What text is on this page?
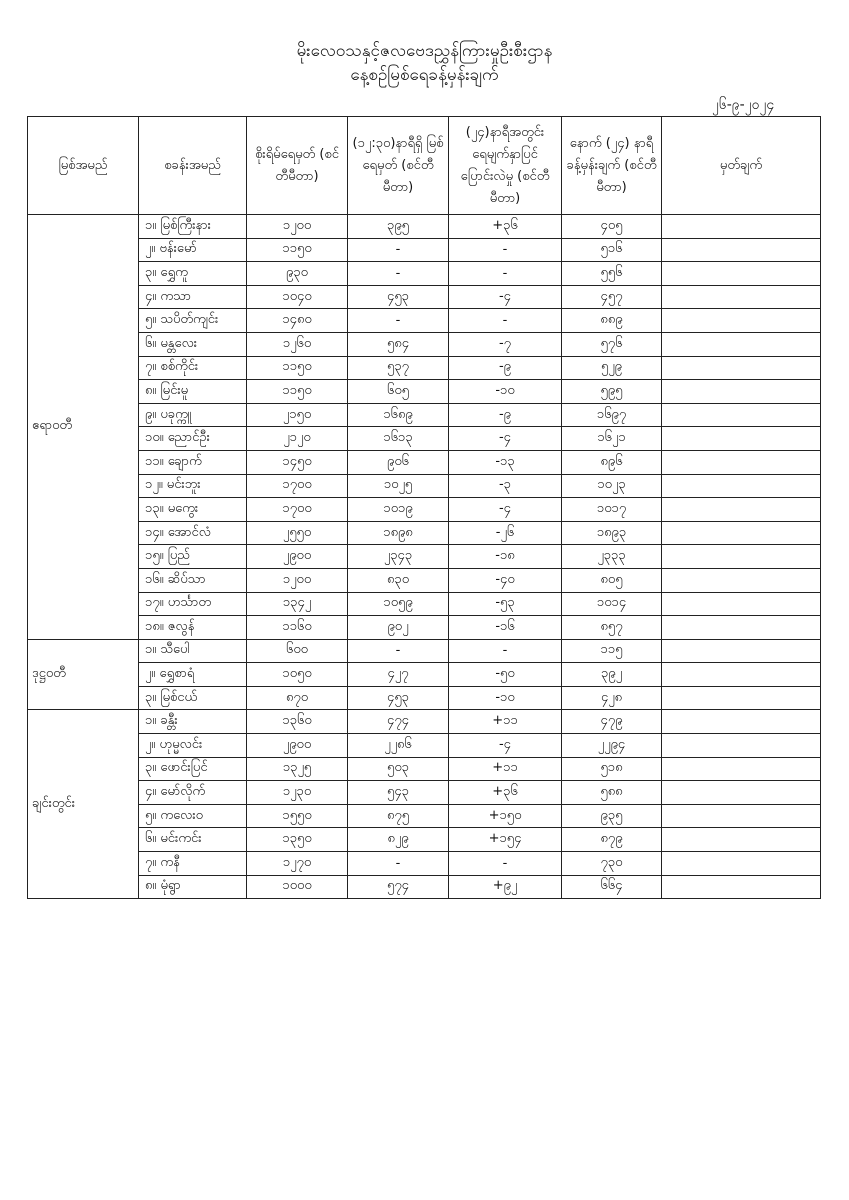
မိုးလေဝသနှင့်ဇလဗေဒညွှန်ကြားမှုဦးစီးဌာန
နေ့စဉ်မြစ်ရေခန့်မှန်းချက်
၂၆-၉-၂၀၂၄
မြစ်အမည်	စခန်းအမည်	စိုးရိမ်ရေမှတ် (စင်တီမီတာ)	(၁၂:၃၀)နာရီရှိ မြစ်ရေမှတ် (စင်တီမီတာ)	(၂၄)နာရီအတွင်း ရေမျက်နှာပြင် ပြောင်းလဲမှု (စင်တီမီတာ)	နောက် (၂၄) နာရီ ခန့်မှန်းချက် (စင်တီမီတာ)	မှတ်ချက်
ဧရာဝတီ	၁။ မြစ်ကြီးနား	၁၂၀၀	၃၉၅	+၃၆	၄၀၅	
	၂။ ဗန်းမော်	၁၁၅၀	-	-	၅၁၆	
	၃။ ရွှေကူ	၉၃၀	-	-	၅၅၆	
	၄။ ကသာ	၁၀၄၀	၄၅၃	-၄	၄၅၇	
	၅။ သပိတ်ကျင်း	၁၄၈၀	-	-	၈၈၉	
	၆။ မန္တလေး	၁၂၆၀	၅၈၄	-၇	၅၇၆	
	၇။ စစ်ကိုင်း	၁၁၅၀	၅၃၇	-၉	၅၂၉	
	၈။ မြင်းမူ	၁၁၅၀	၆၀၅	-၁၀	၅၉၅	
	၉။ ပခုက္ကူ	၂၁၅၀	၁၆၈၉	-၉	၁၆၉၇	
	၁၀။ ညောင်ဦး	၂၁၂၀	၁၆၁၃	-၄	၁၆၂၁	
	၁၁။ ချောက်	၁၄၅၀	၉၀၆	-၁၃	၈၉၆	
	၁၂။ မင်းဘူး	၁၇၀၀	၁၀၂၅	-၃	၁၀၂၃	
	၁၃။ မကွေး	၁၇၀၀	၁၀၁၉	-၄	၁၀၁၇	
	၁၄။ အောင်လံ	၂၅၅၀	၁၈၉၈	-၂၆	၁၈၉၃	
	၁၅။ ပြည်	၂၉၀၀	၂၃၄၃	-၁၈	၂၃၃၃	
	၁၆။ ဆိပ်သာ	၁၂၀၀	၈၃၀	-၄၀	၈၀၅	
	၁၇။ ဟင်္သာတ	၁၃၄၂	၁၀၅၉	-၅၃	၁၀၁၄	
	၁၈။ ဇလွန်	၁၁၆၀	၉၀၂	-၁၆	၈၅၇	
ဒုဋ္ဌဝတီ	၁။ သီပေါ	၆၀၀	-	-	၁၁၅	
	၂။ ရွှေစာရံ	၁၀၅၀	၄၂၇	-၅၀	၃၉၂	
	၃။ မြစ်ငယ်	၈၇၀	၄၅၃	-၁၀	၄၂၈	
ချင်းတွင်း	၁။ ခန္တီး	၁၃၆၀	၄၇၄	+၁၁	၄၇၉	
	၂။ ဟုမ္မလင်း	၂၉၀၀	၂၂၈၆	-၄	၂၂၉၄	
	၃။ ဖောင်းပြင်	၁၃၂၅	၅၀၃	+၁၁	၅၁၈	
	၄။ မော်လိုက်	၁၂၃၀	၅၄၃	+၃၆	၅၈၈	
	၅။ ကလေးဝ	၁၅၅၀	၈၇၅	+၁၅၀	၉၃၅	
	၆။ မင်းကင်း	၁၃၅၀	၈၂၉	+၁၅၄	၈၇၉	
	၇။ ကနီ	၁၂၇၀	-	-	၇၃၀	
	၈။ မုံရွာ	၁၀၀၀	၅၇၄	+၉၂	၆၆၄	
